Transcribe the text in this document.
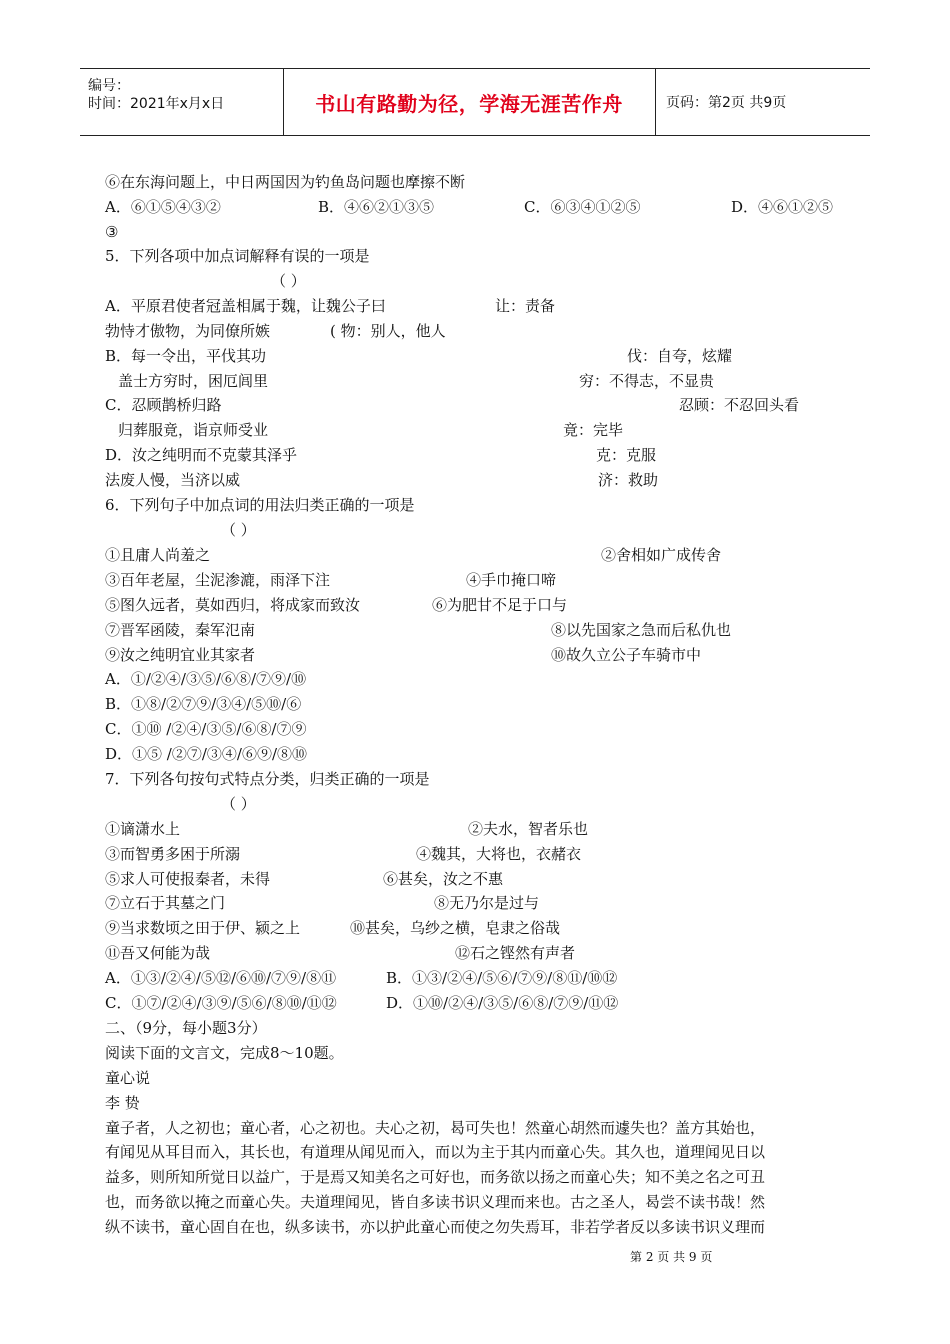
编号：
时间：2021年x月x日	书山有路勤为径，学海无涯苦作舟	页码：第2页 共9页
⑥在东海问题上，中日两国因为钓鱼岛问题也摩擦不断
A．⑥①⑤④③②	B．④⑥②①③⑤	C．⑥③④①②⑤	D．④⑥①②⑤
③
5．下列各项中加点词解释有误的一项是
（ ）
A．平原君使者冠盖相属于魏，让魏公子曰	让：责备
勃恃才傲物，为同僚所嫉	( 物：别人，他人
B．每一令出，平伐其功	伐：自夸，炫耀
盖士方穷时，困厄闾里	穷：不得志，不显贵
C．忍顾鹊桥归路	忍顾：不忍回头看
归葬服竟，诣京师受业	竟：完毕
D．汝之纯明而不克蒙其泽乎	克：克服
法废人慢，当济以威	济：救助
6．下列句子中加点词的用法归类正确的一项是
（ ）
①且庸人尚羞之	②舍相如广成传舍
③百年老屋，尘泥渗漉，雨泽下注	④手巾掩口啼
⑤图久远者，莫如西归，将成家而致汝	⑥为肥甘不足于口与
⑦晋军函陵，秦军氾南	⑧以先国家之急而后私仇也
⑨汝之纯明宜业其家者	⑩故久立公子车骑市中
A．①/②④/③⑤/⑥⑧/⑦⑨/⑩
B．①⑧/②⑦⑨/③④/⑤⑩/⑥
C．①⑩ /②④/③⑤/⑥⑧/⑦⑨
D．①⑤ /②⑦/③④/⑥⑨/⑧⑩
7．下列各句按句式特点分类，归类正确的一项是
（ ）
①谪潇水上	②夫水，智者乐也
③而智勇多困于所溺	④魏其，大将也，衣赭衣
⑤求人可使报秦者，未得	⑥甚矣，汝之不惠
⑦立石于其墓之门	⑧无乃尔是过与
⑨当求数顷之田于伊、颍之上	⑩甚矣，乌纱之横，皂隶之俗哉
⑪吾又何能为哉	⑫石之铿然有声者
A．①③/②④/⑤⑫/⑥⑩/⑦⑨/⑧⑪	B．①③/②④/⑤⑥/⑦⑨/⑧⑪/⑩⑫
C．①⑦/②④/③⑨/⑤⑥/⑧⑩/⑪⑫	D．①⑩/②④/③⑤/⑥⑧/⑦⑨/⑪⑫
二、（9分，每小题3分）
阅读下面的文言文，完成8～10题。
童心说
李 贽
童子者，人之初也；童心者，心之初也。夫心之初，曷可失也！然童心胡然而遽失也？盖方其始也，
有闻见从耳目而入，其长也，有道理从闻见而入，而以为主于其内而童心失。其久也，道理闻见日以
益多，则所知所觉日以益广，于是焉又知美名之可好也，而务欲以扬之而童心失；知不美之名之可丑
也，而务欲以掩之而童心失。夫道理闻见，皆自多读书识义理而来也。古之圣人，曷尝不读书哉！然
纵不读书，童心固自在也，纵多读书，亦以护此童心而使之勿失焉耳，非若学者反以多读书识义理而
第 2 页 共 9 页
